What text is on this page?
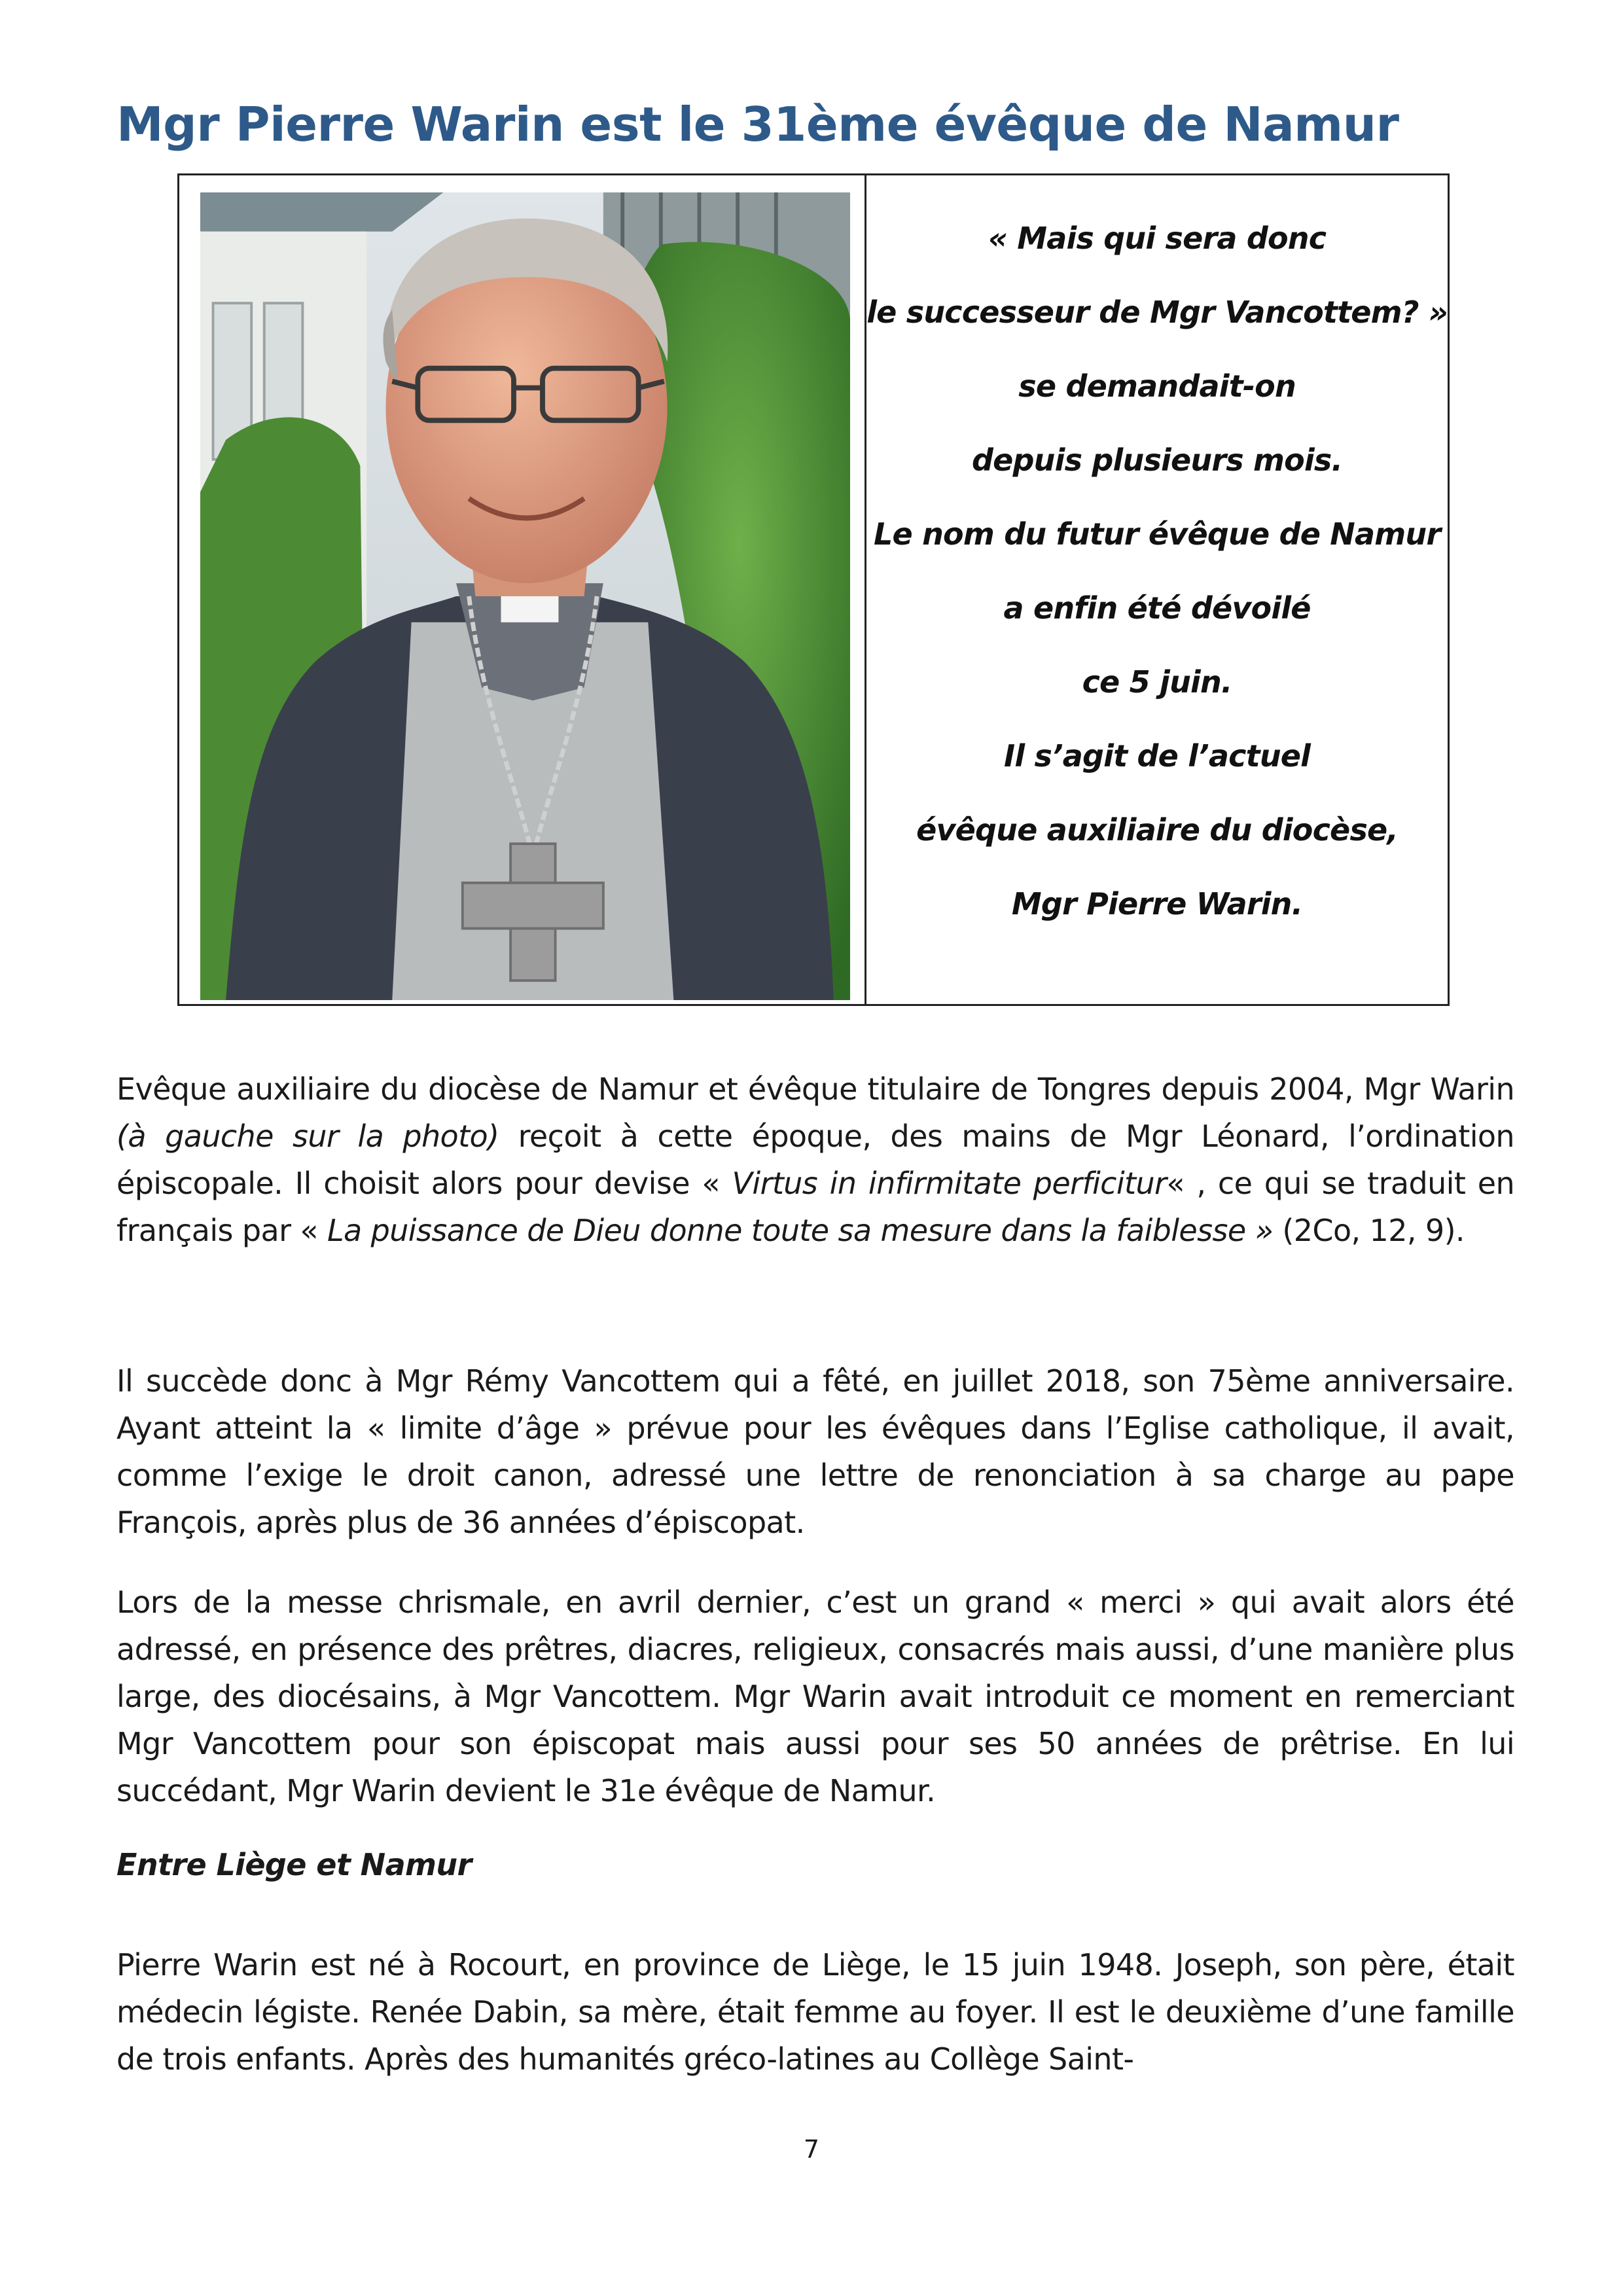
Mgr Pierre Warin est le 31ème évêque de Namur
« Mais qui sera donc
le successeur de Mgr Vancottem? »
se demandait-on
depuis plusieurs mois.
Le nom du futur évêque de Namur
a enfin été dévoilé
ce 5 juin.
Il s’agit de l’actuel
évêque auxiliaire du diocèse,
Mgr Pierre Warin.

Evêque auxiliaire du diocèse de Namur et évêque titulaire de Tongres depuis 2004, Mgr Warin (à gauche sur la photo) reçoit à cette époque, des mains de Mgr Léonard, l’ordination épiscopale. Il choisit alors pour devise « Virtus in infirmitate perficitur« , ce qui se traduit en français par « La puissance de Dieu donne toute sa mesure dans la faiblesse » (2Co, 12, 9).

Il succède donc à Mgr Rémy Vancottem qui a fêté, en juillet 2018, son 75ème anniversaire. Ayant atteint la « limite d’âge » prévue pour les évêques dans l’Eglise catholique, il avait, comme l’exige le droit canon, adressé une lettre de renonciation à sa charge au pape François, après plus de 36 années d’épiscopat.

Lors de la messe chrismale, en avril dernier, c’est un grand « merci » qui avait alors été adressé, en présence des prêtres, diacres, religieux, consacrés mais aussi, d’une manière plus large, des diocésains, à Mgr Vancottem. Mgr Warin avait introduit ce moment en remerciant Mgr Vancottem pour son épiscopat mais aussi pour ses 50 années de prêtrise. En lui succédant, Mgr Warin devient le 31e évêque de Namur.

Entre Liège et Namur

Pierre Warin est né à Rocourt, en province de Liège, le 15 juin 1948. Joseph, son père, était médecin légiste. Renée Dabin, sa mère, était femme au foyer. Il est le deuxième d’une famille de trois enfants. Après des humanités gréco-latines au Collège Saint-

7
